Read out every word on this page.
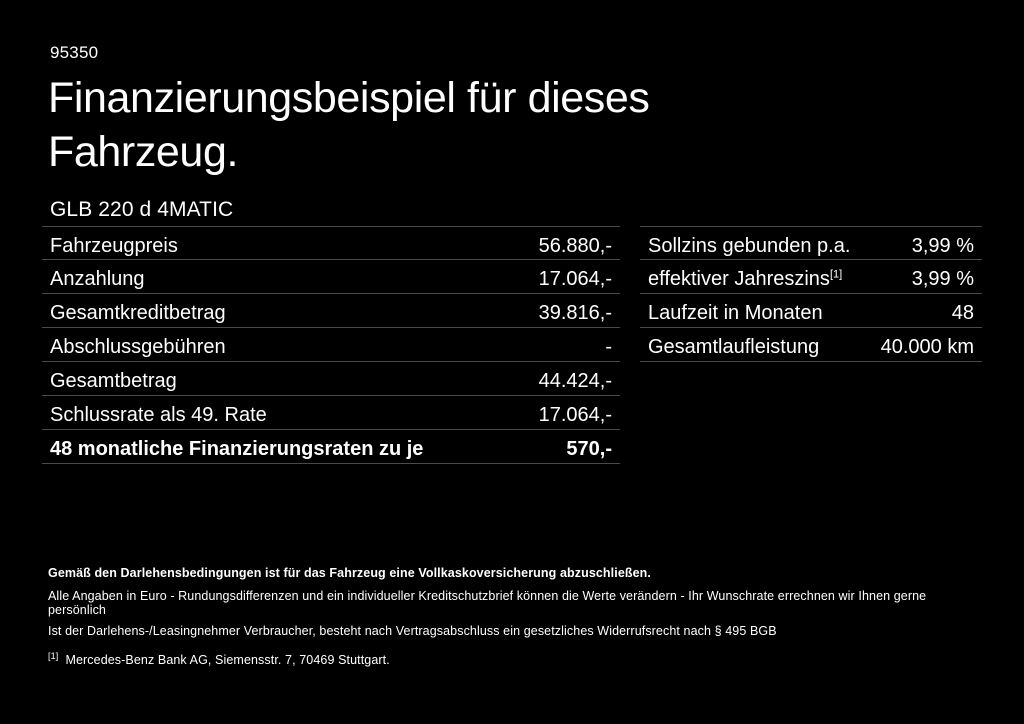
95350
Finanzierungsbeispiel für dieses Fahrzeug.
GLB 220 d 4MATIC
Fahrzeugpreis	56.880,-
Anzahlung	17.064,-
Gesamtkreditbetrag	39.816,-
Abschlussgebühren	-
Gesamtbetrag	44.424,-
Schlussrate als 49. Rate	17.064,-
48 monatliche Finanzierungsraten zu je	570,-
Sollzins gebunden p.a.	3,99 %
effektiver Jahreszins[1]	3,99 %
Laufzeit in Monaten	48
Gesamtlaufleistung	40.000 km
Gemäß den Darlehensbedingungen ist für das Fahrzeug eine Vollkaskoversicherung abzuschließen.
Alle Angaben in Euro - Rundungsdifferenzen und ein individueller Kreditschutzbrief können die Werte verändern - Ihr Wunschrate errechnen wir Ihnen gerne persönlich
Ist der Darlehens-/Leasingnehmer Verbraucher, besteht nach Vertragsabschluss ein gesetzliches Widerrufsrecht nach § 495 BGB
[1] Mercedes-Benz Bank AG, Siemensstr. 7, 70469 Stuttgart.
